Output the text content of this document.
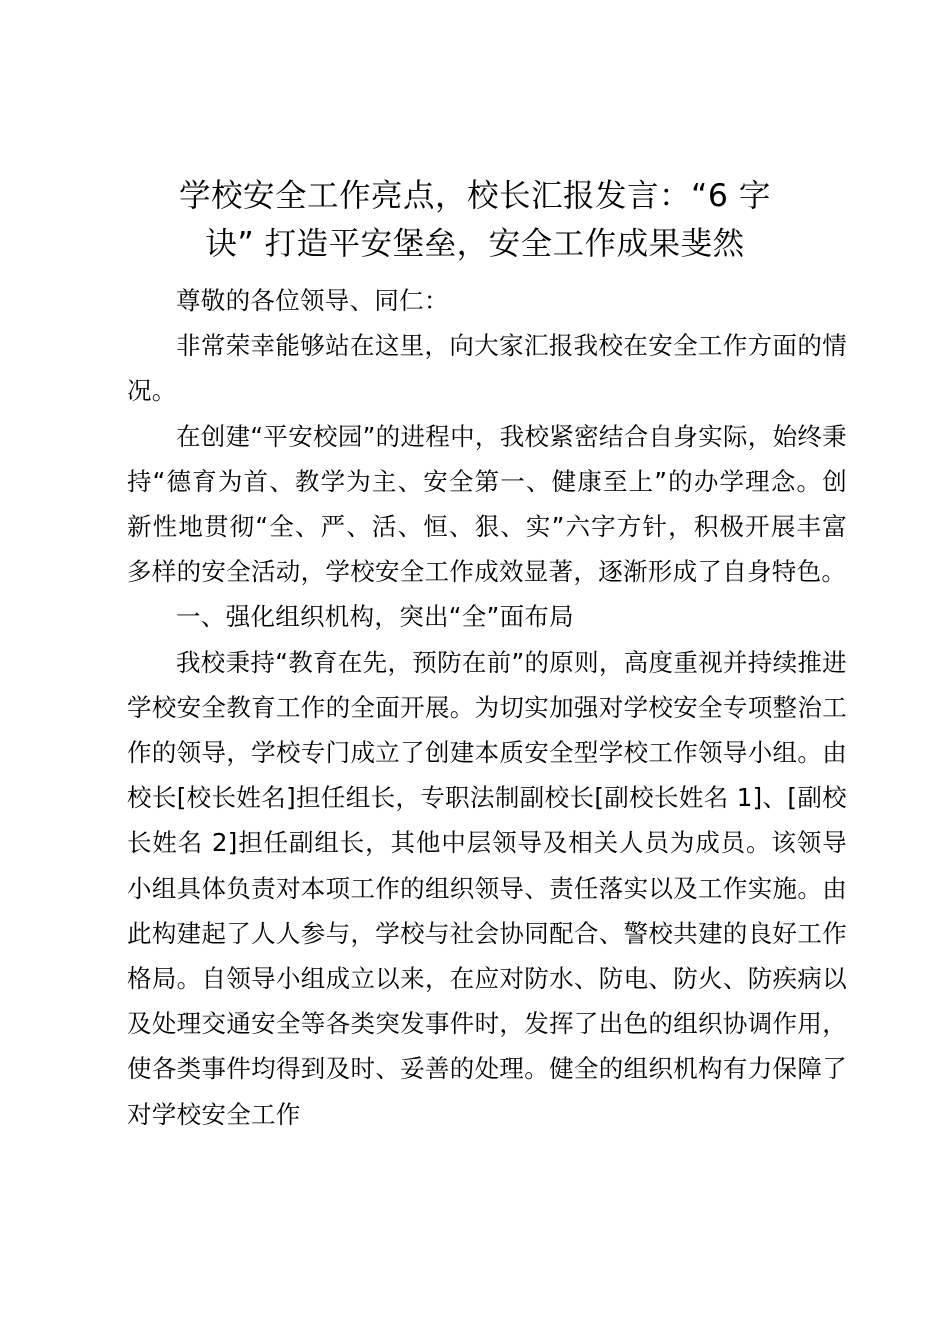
学校安全工作亮点，校长汇报发言：“6 字
诀” 打造平安堡垒，安全工作成果斐然

尊敬的各位领导、同仁：

非常荣幸能够站在这里，向大家汇报我校在安全工作方面的情况。

在创建“平安校园”的进程中，我校紧密结合自身实际，始终秉持“德育为首、教学为主、安全第一、健康至上”的办学理念。创新性地贯彻“全、严、活、恒、狠、实”六字方针，积极开展丰富多样的安全活动，学校安全工作成效显著，逐渐形成了自身特色。

一、强化组织机构，突出“全”面布局

我校秉持“教育在先，预防在前”的原则，高度重视并持续推进学校安全教育工作的全面开展。为切实加强对学校安全专项整治工作的领导，学校专门成立了创建本质安全型学校工作领导小组。由校长[校长姓名]担任组长，专职法制副校长[副校长姓名 1]、[副校长姓名 2]担任副组长，其他中层领导及相关人员为成员。该领导小组具体负责对本项工作的组织领导、责任落实以及工作实施。由此构建起了人人参与，学校与社会协同配合、警校共建的良好工作格局。自领导小组成立以来，在应对防水、防电、防火、防疾病以及处理交通安全等各类突发事件时，发挥了出色的组织协调作用，使各类事件均得到及时、妥善的处理。健全的组织机构有力保障了对学校安全工作
